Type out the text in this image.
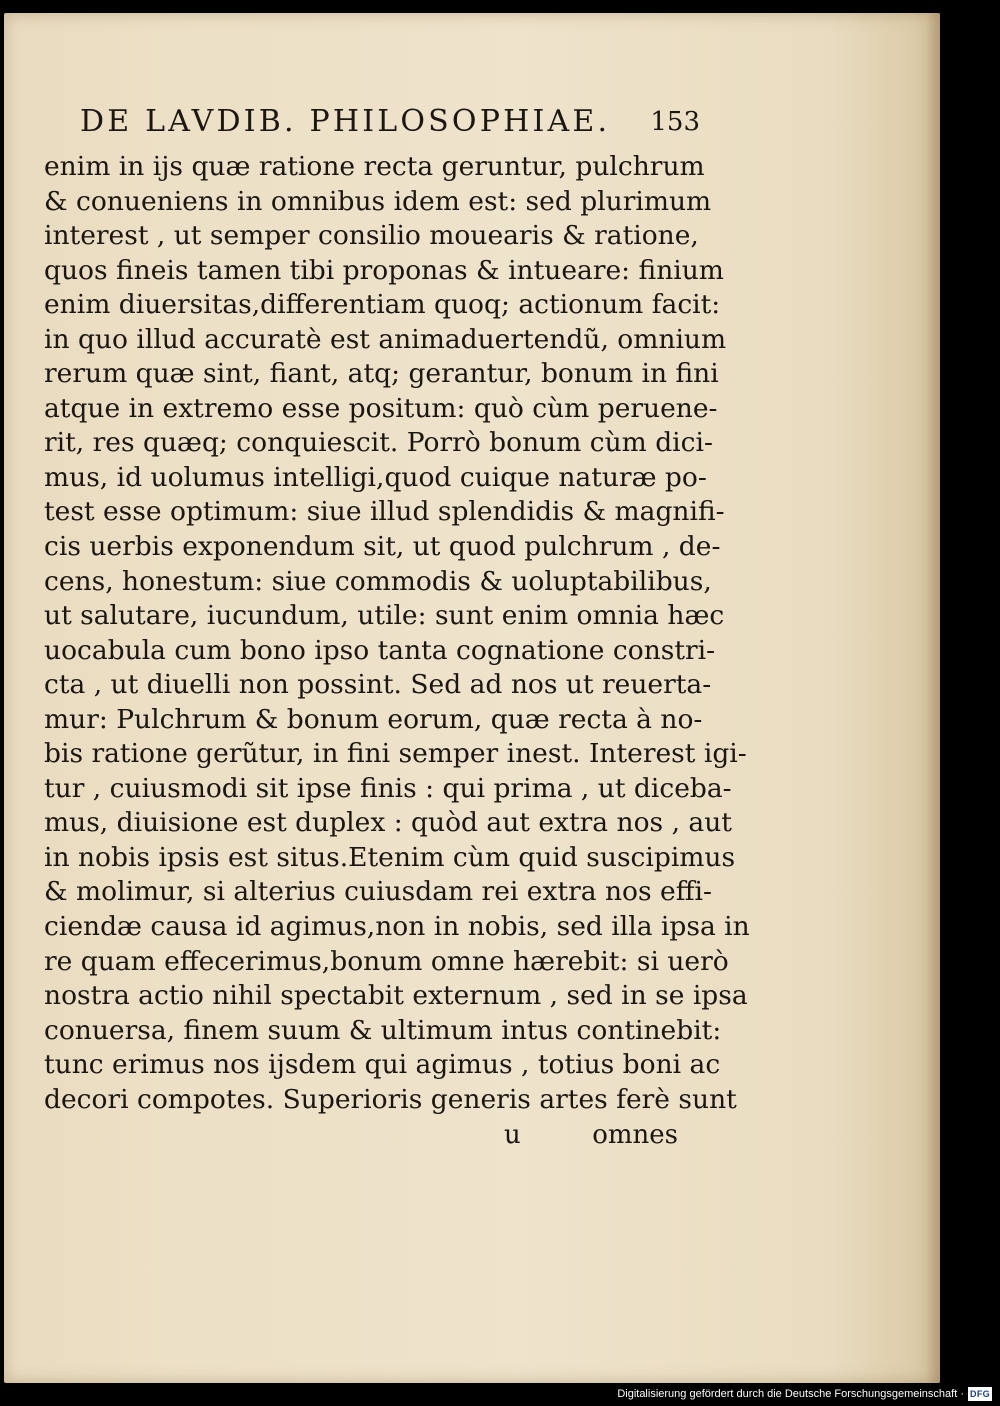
DE LAVDIB. PHILOSOPHIAE. 153
enim in ijs quæ ratione recta geruntur, pulchrum
& conueniens in omnibus idem est: sed plurimum
interest , ut semper consilio mouearis & ratione,
quos fineis tamen tibi proponas & intueare: finium
enim diuersitas,differentiam quoq; actionum facit:
in quo illud accuratè est animaduertendũ, omnium
rerum quæ sint, fiant, atq; gerantur, bonum in fini
atque in extremo esse positum: quò cùm peruene-
rit, res quæq; conquiescit. Porrò bonum cùm dici-
mus, id uolumus intelligi,quod cuique naturæ po-
test esse optimum: siue illud splendidis & magnifi-
cis uerbis exponendum sit, ut quod pulchrum , de-
cens, honestum: siue commodis & uoluptabilibus,
ut salutare, iucundum, utile: sunt enim omnia hæc
uocabula cum bono ipso tanta cognatione constri-
cta , ut diuelli non possint. Sed ad nos ut reuerta-
mur: Pulchrum & bonum eorum, quæ recta à no-
bis ratione gerũtur, in fini semper inest. Interest igi-
tur , cuiusmodi sit ipse finis : qui prima , ut diceba-
mus, diuisione est duplex : quòd aut extra nos , aut
in nobis ipsis est situs.Etenim cùm quid suscipimus
& molimur, si alterius cuiusdam rei extra nos effi-
ciendæ causa id agimus,non in nobis, sed illa ipsa in
re quam effecerimus,bonum omne hærebit: si uerò
nostra actio nihil spectabit externum , sed in se ipsa
conuersa, finem suum & ultimum intus continebit:
tunc erimus nos ijsdem qui agimus , totius boni ac
decori compotes. Superioris generis artes ferè sunt
u	omnes
Digitalisierung gefördert durch die Deutsche Forschungsgemeinschaft · DFG
